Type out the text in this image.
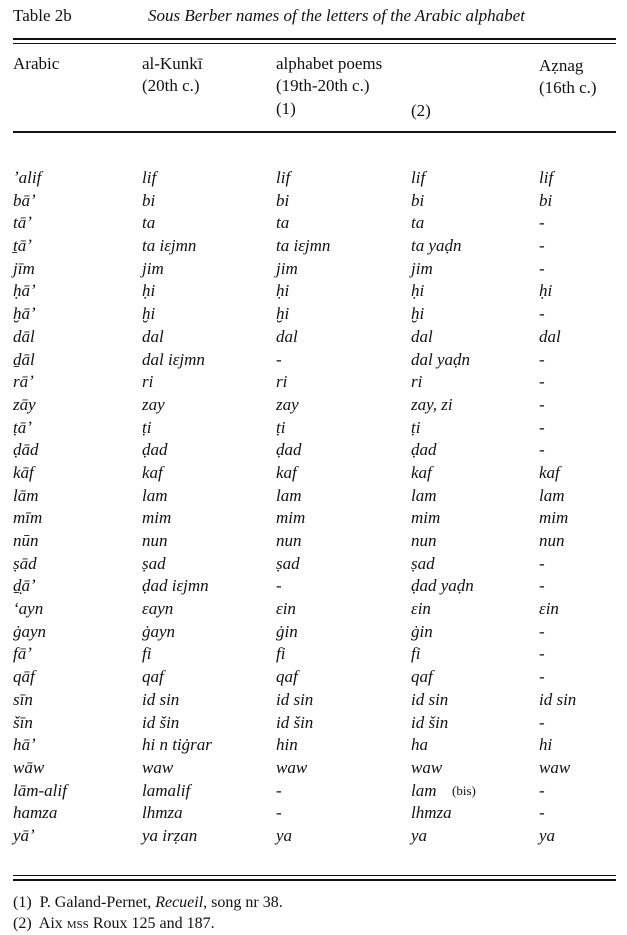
Table 2b	Sous Berber names of the letters of the Arabic alphabet
Arabic	al-Kunkī
(20th c.)
alphabet poems
(19th-20th c.)
(1)	(2)
Aẓnag
(16th c.)
ʼalif	lif	lif	lif	lif
bāʼ	bi	bi	bi	bi
tāʼ	ta	ta	ta	-
ṯāʼ	ta iεjmn	ta iεjmn	ta yaḍn	-
jīm	jim	jim	jim	-
ḥāʼ	ḥi	ḥi	ḥi	ḥi
ḫāʼ	ḫi	ḫi	ḫi	-
dāl	dal	dal	dal	dal
ḏāl	dal iεjmn	-	dal yaḍn	-
rāʼ	ri	ri	ri	-
zāy	zay	zay	zay, zi	-
ṭāʼ	ṭi	ṭi	ṭi	-
ḍād	ḍad	ḍad	ḍad	-
kāf	kaf	kaf	kaf	kaf
lām	lam	lam	lam	lam
mīm	mim	mim	mim	mim
nūn	nun	nun	nun	nun
ṣād	ṣad	ṣad	ṣad	-
ḏ̣āʼ	ḍad iεjmn	-	ḍad yaḍn	-
ʻayn	εayn	εin	εin	εin
ġayn	ġayn	ġin	ġin	-
fāʼ	fi	fi	fi	-
qāf	qaf	qaf	qaf	-
sīn	id sin	id sin	id sin	id sin
šīn	id šin	id šin	id šin	-
hāʼ	hi n tiġrar	hin	ha	hi
wāw	waw	waw	waw	waw
lām-alif	lamalif	-	lam (bis)	-
hamza	lhmza	-	lhmza	-
yāʼ	ya irẓan	ya	ya	ya
(1) P. Galand-Pernet, Recueil, song nr 38.
(2) Aix mss Roux 125 and 187.
